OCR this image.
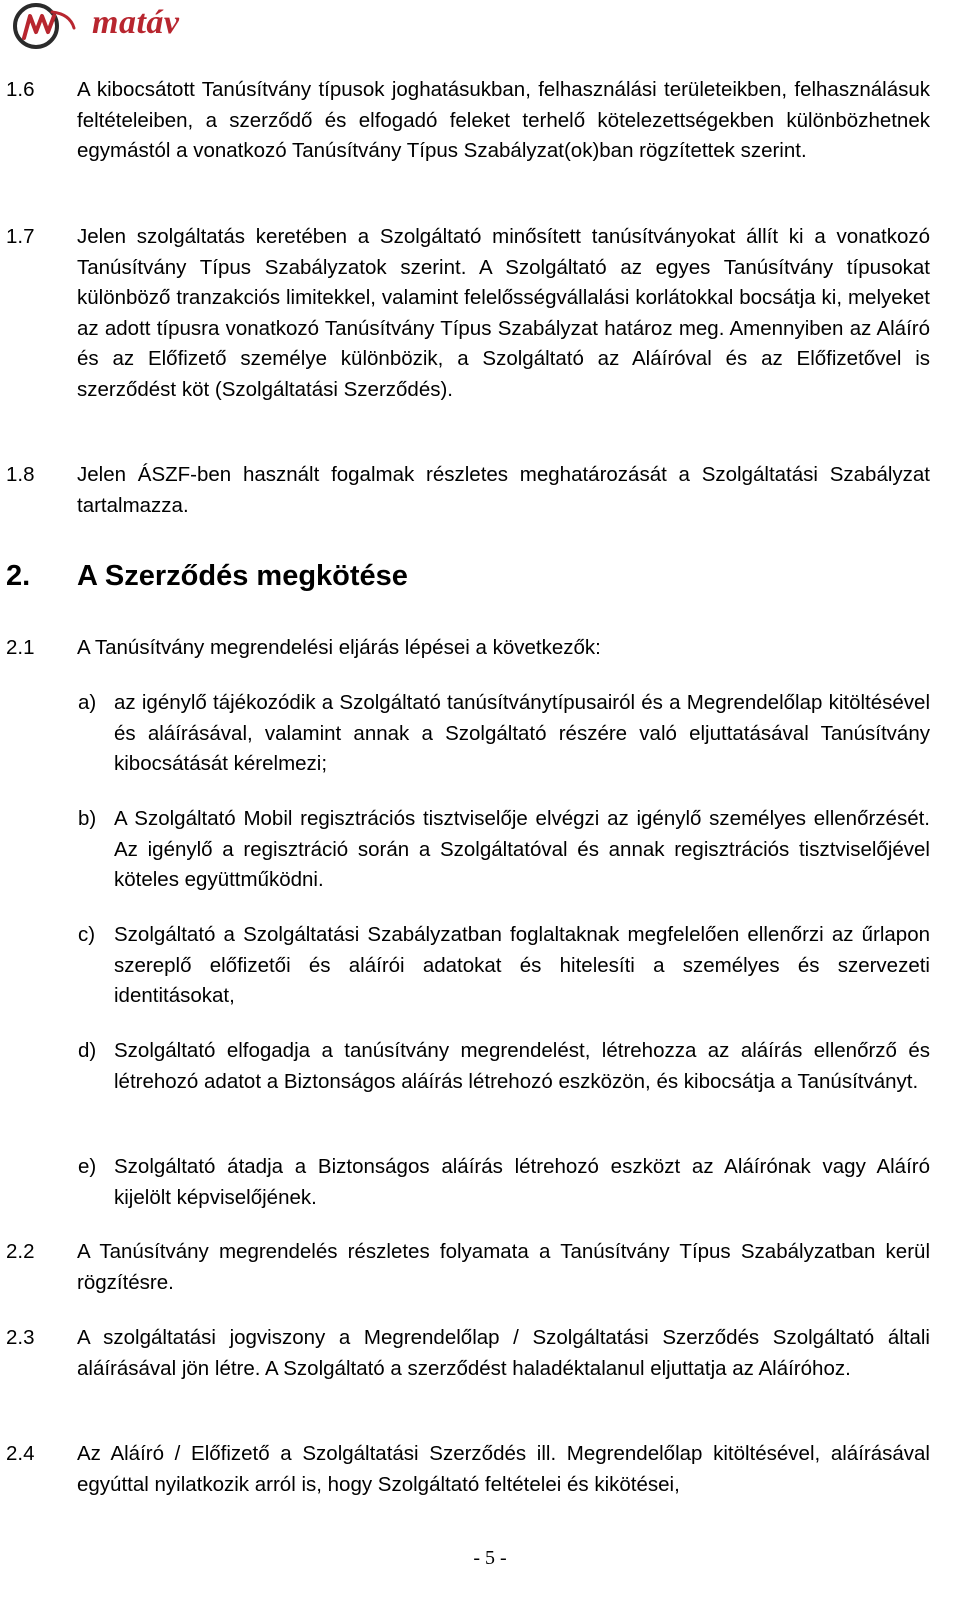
matáv
1.6 A kibocsátott Tanúsítvány típusok joghatásukban, felhasználási területeikben, felhasználásuk feltételeiben, a szerződő és elfogadó feleket terhelő kötelezettségekben különbözhetnek egymástól a vonatkozó Tanúsítvány Típus Szabályzat(ok)ban rögzítettek szerint.

1.7 Jelen szolgáltatás keretében a Szolgáltató minősített tanúsítványokat állít ki a vonatkozó Tanúsítvány Típus Szabályzatok szerint. A Szolgáltató az egyes Tanúsítvány típusokat különböző tranzakciós limitekkel, valamint felelősségvállalási korlátokkal bocsátja ki, melyeket az adott típusra vonatkozó Tanúsítvány Típus Szabályzat határoz meg. Amennyiben az Aláíró és az Előfizető személye különbözik, a Szolgáltató az Aláíróval és az Előfizetővel is szerződést köt (Szolgáltatási Szerződés).

1.8 Jelen ÁSZF-ben használt fogalmak részletes meghatározását a Szolgáltatási Szabályzat tartalmazza.

2. A Szerződés megkötése
2.1 A Tanúsítvány megrendelési eljárás lépései a következők:

a) az igénylő tájékozódik a Szolgáltató tanúsítványtípusairól és a Megrendelőlap kitöltésével és aláírásával, valamint annak a Szolgáltató részére való eljuttatásával Tanúsítvány kibocsátását kérelmezi;

b) A Szolgáltató Mobil regisztrációs tisztviselője elvégzi az igénylő személyes ellenőrzését. Az igénylő a regisztráció során a Szolgáltatóval és annak regisztrációs tisztviselőjével köteles együttműködni.

c) Szolgáltató a Szolgáltatási Szabályzatban foglaltaknak megfelelően ellenőrzi az űrlapon szereplő előfizetői és aláírói adatokat és hitelesíti a személyes és szervezeti identitásokat,

d) Szolgáltató elfogadja a tanúsítvány megrendelést, létrehozza az aláírás ellenőrző és létrehozó adatot a Biztonságos aláírás létrehozó eszközön, és kibocsátja a Tanúsítványt.

e) Szolgáltató átadja a Biztonságos aláírás létrehozó eszközt az Aláírónak vagy Aláíró kijelölt képviselőjének.

2.2 A Tanúsítvány megrendelés részletes folyamata a Tanúsítvány Típus Szabályzatban kerül rögzítésre.

2.3 A szolgáltatási jogviszony a Megrendelőlap / Szolgáltatási Szerződés Szolgáltató általi aláírásával jön létre. A Szolgáltató a szerződést haladéktalanul eljuttatja az Aláíróhoz.

2.4 Az Aláíró / Előfizető a Szolgáltatási Szerződés ill. Megrendelőlap kitöltésével, aláírásával egyúttal nyilatkozik arról is, hogy Szolgáltató feltételei és kikötései,

- 5 -
